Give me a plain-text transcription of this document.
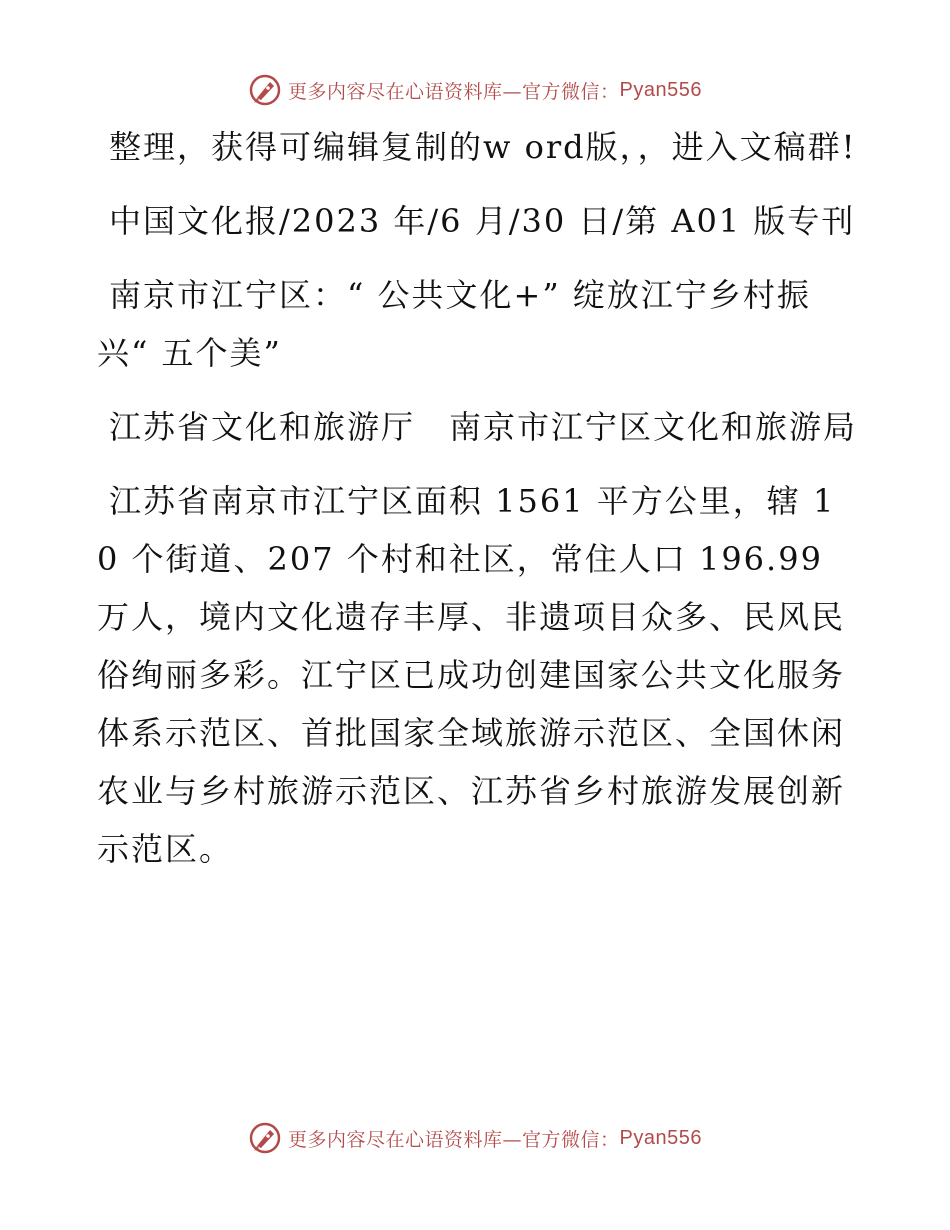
更多内容尽在心语资料库—官方微信： Pyan556

整理，获得可编辑复制的w ord版，，进入文稿群!

中国文化报/2023 年/6 月/30 日/第 A01 版专刊

南京市江宁区：“ 公共文化+” 绽放江宁乡村振兴“ 五个美”

江苏省文化和旅游厅　南京市江宁区文化和旅游局

江苏省南京市江宁区面积 1561 平方公里，辖 10 个街道、207 个村和社区，常住人口 196.99 万人，境内文化遗存丰厚、非遗项目众多、民风民俗绚丽多彩。江宁区已成功创建国家公共文化服务体系示范区、首批国家全域旅游示范区、全国休闲农业与乡村旅游示范区、江苏省乡村旅游发展创新示范区。

更多内容尽在心语资料库—官方微信： Pyan556
